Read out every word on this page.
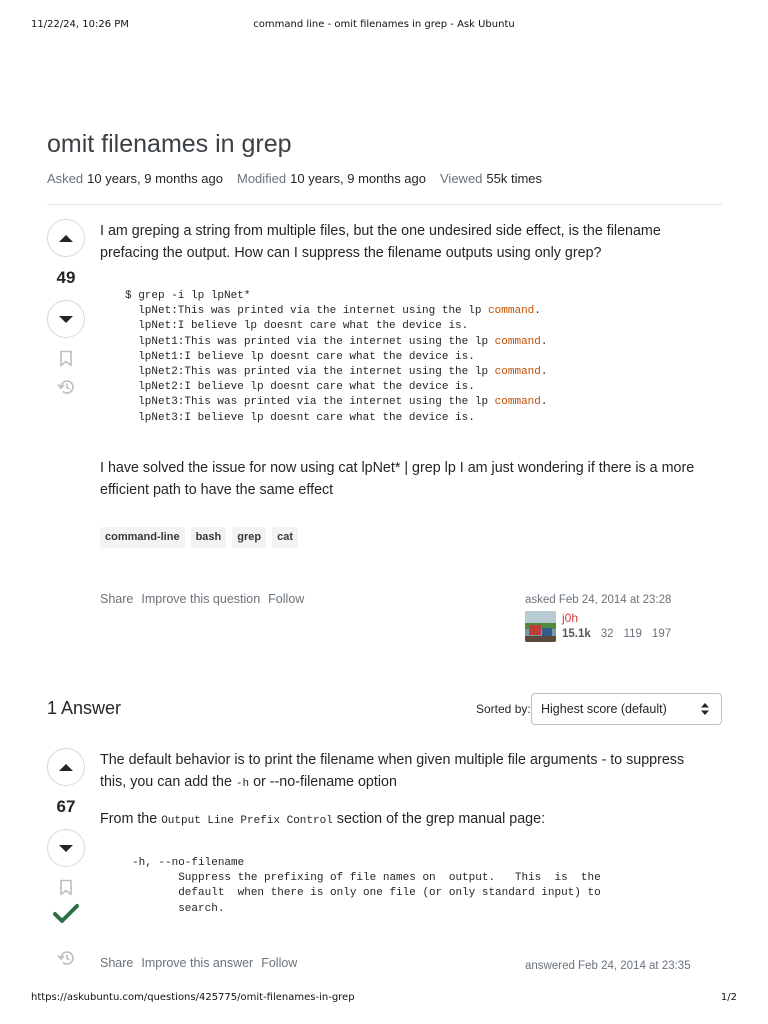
11/22/24, 10:26 PM	command line - omit filenames in grep - Ask Ubuntu
omit filenames in grep
Asked 10 years, 9 months ago Modified 10 years, 9 months ago Viewed 55k times
49

I am greping a string from multiple files, but the one undesired side effect, is the filename prefacing the output. How can I suppress the filename outputs using only grep?

$ grep -i lp lpNet*
lpNet:This was printed via the internet using the lp command.
lpNet:I believe lp doesnt care what the device is.
lpNet1:This was printed via the internet using the lp command.
lpNet1:I believe lp doesnt care what the device is.
lpNet2:This was printed via the internet using the lp command.
lpNet2:I believe lp doesnt care what the device is.
lpNet3:This was printed via the internet using the lp command.
lpNet3:I believe lp doesnt care what the device is.

I have solved the issue for now using cat lpNet* | grep lp I am just wondering if there is a more efficient path to have the same effect

command-line	bash	grep	cat
Share Improve this question Follow	asked Feb 24, 2014 at 23:28
j0h
15.1k 32 119 197
1 Answer	Sorted by: Highest score (default)
67

The default behavior is to print the filename when given multiple file arguments - to suppress this, you can add the -h or --no-filename option

From the Output Line Prefix Control section of the grep manual page:

-h, --no-filename
Suppress the prefixing of file names on  output.   This  is  the
default  when there is only one file (or only standard input) to
search.
Share Improve this answer Follow	answered Feb 24, 2014 at 23:35
https://askubuntu.com/questions/425775/omit-filenames-in-grep	1/2
